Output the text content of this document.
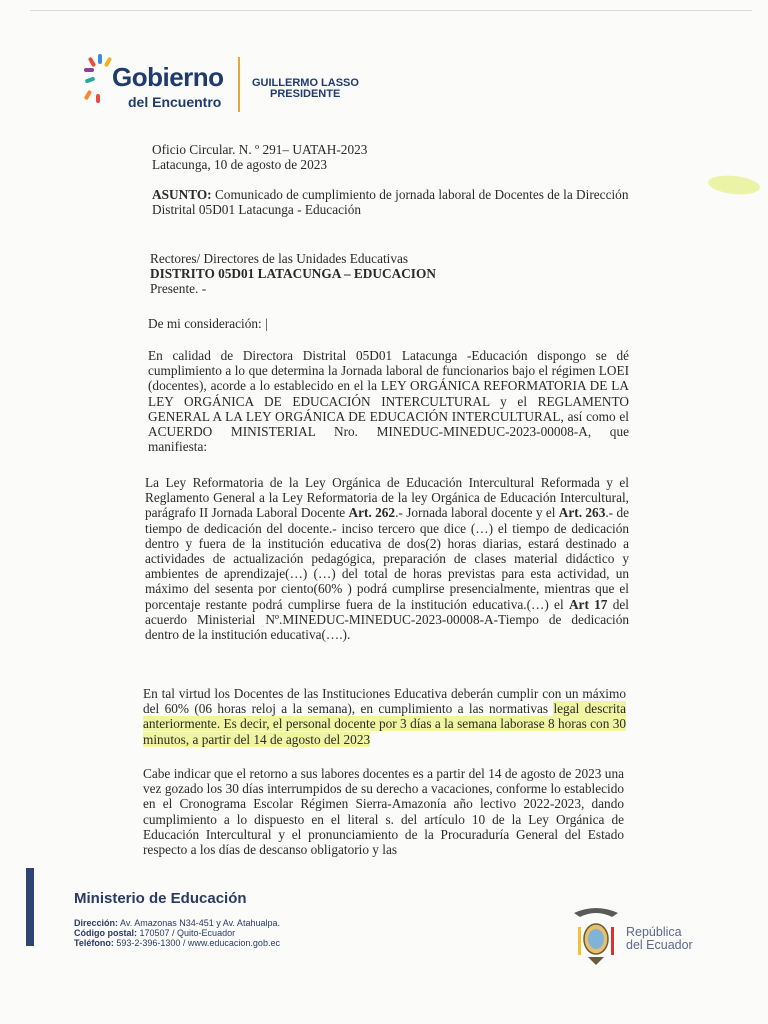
Gobierno
del Encuentro
GUILLERMO LASSO
PRESIDENTE
Oficio Circular. N. º 291– UATAH-2023
Latacunga, 10 de agosto de 2023
ASUNTO: Comunicado de cumplimiento de jornada laboral de Docentes de la Dirección Distrital 05D01 Latacunga - Educación
Rectores/ Directores de las Unidades Educativas
DISTRITO 05D01 LATACUNGA – EDUCACION
Presente. -
De mi consideración: |
En calidad de Directora Distrital 05D01 Latacunga -Educación dispongo se dé cumplimiento a lo que determina la Jornada laboral de funcionarios bajo el régimen LOEI (docentes), acorde a lo establecido en el la LEY ORGÁNICA REFORMATORIA DE LA LEY ORGÁNICA DE EDUCACIÓN INTERCULTURAL y el REGLAMENTO GENERAL A LA LEY ORGÁNICA DE EDUCACIÓN INTERCULTURAL, así como el ACUERDO MINISTERIAL Nro. MINEDUC-MINEDUC-2023-00008-A, que manifiesta:
La Ley Reformatoria de la Ley Orgánica de Educación Intercultural Reformada y el Reglamento General a la Ley Reformatoria de la ley Orgánica de Educación Intercultural, parágrafo II Jornada Laboral Docente Art. 262.- Jornada laboral docente y el Art. 263.- de tiempo de dedicación del docente.- inciso tercero que dice (…) el tiempo de dedicación dentro y fuera de la institución educativa de dos(2) horas diarias, estará destinado a actividades de actualización pedagógica, preparación de clases material didáctico y ambientes de aprendizaje(…) (…) del total de horas previstas para esta actividad, un máximo del sesenta por ciento(60% ) podrá cumplirse presencialmente, mientras que el porcentaje restante podrá cumplirse fuera de la institución educativa.(…) el Art 17 del acuerdo Ministerial Nº.MINEDUC-MINEDUC-2023-00008-A-Tiempo de dedicación dentro de la institución educativa(….).
En tal virtud los Docentes de las Instituciones Educativa deberán cumplir con un máximo del 60% (06 horas reloj a la semana), en cumplimiento a las normativas legal descrita anteriormente. Es decir, el personal docente por 3 días a la semana laborase 8 horas con 30 minutos, a partir del 14 de agosto del 2023
Cabe indicar que el retorno a sus labores docentes es a partir del 14 de agosto de 2023 una vez gozado los 30 días interrumpidos de su derecho a vacaciones, conforme lo establecido en el Cronograma Escolar Régimen Sierra-Amazonía año lectivo 2022-2023, dando cumplimiento a lo dispuesto en el literal s. del artículo 10 de la Ley Orgánica de Educación Intercultural y el pronunciamiento de la Procuraduría General del Estado respecto a los días de descanso obligatorio y las
Ministerio de Educación
Dirección: Av. Amazonas N34-451 y Av. Atahualpa.
Código postal: 170507 / Quito-Ecuador
Teléfono: 593-2-396-1300 / www.educacion.gob.ec
República
del Ecuador
